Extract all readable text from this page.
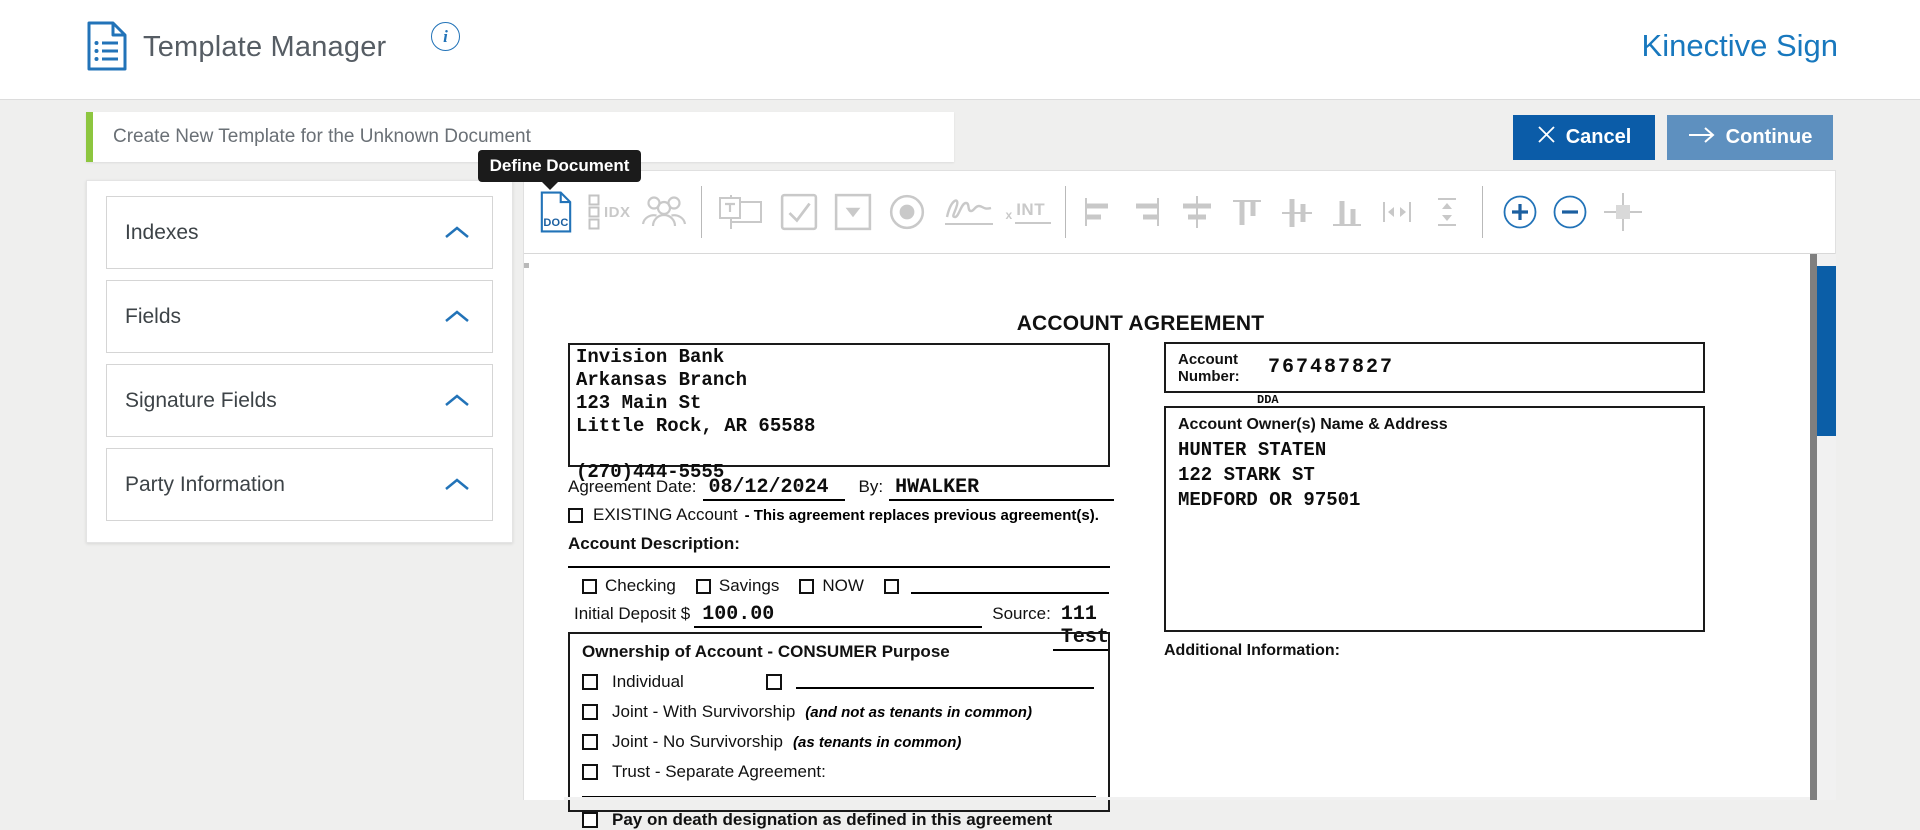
Template Manager	i	Kinective Sign
Create New Template for the Unknown Document	Cancel	Continue
Define Document
Indexes
Fields
Signature Fields
Party Information
DOC
IDX	x INT
ACCOUNT AGREEMENT
Invision Bank
Arkansas Branch
123 Main St
Little Rock, AR 65588
(270)444-5555
Account
Number:	767487827
DDA
Account Owner(s) Name & Address
HUNTER STATEN
122 STARK ST
MEDFORD OR 97501
Additional Information:
Agreement Date: 08/12/2024	By: HWALKER
EXISTING Account - This agreement replaces previous agreement(s).
Account Description:
Checking	Savings	NOW
Initial Deposit $ 100.00	Source: 111 Test
Ownership of Account - CONSUMER Purpose
Individual
Joint - With Survivorship (and not as tenants in common)
Joint - No Survivorship (as tenants in common)
Trust - Separate Agreement:
Pay on death designation as defined in this agreement
